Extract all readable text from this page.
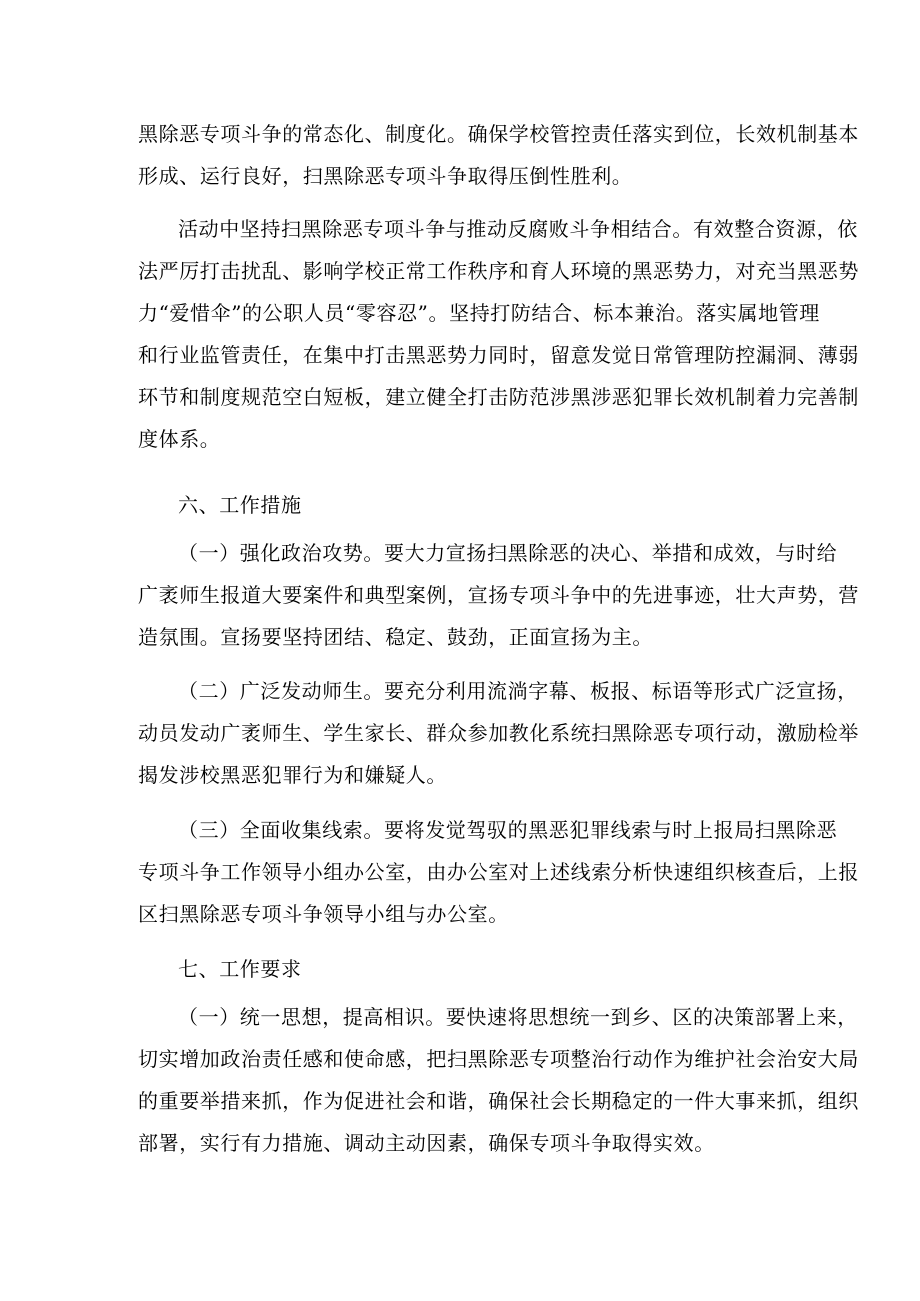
黑除恶专项斗争的常态化、制度化。确保学校管控责任落实到位，长效机制基本
形成、运行良好，扫黑除恶专项斗争取得压倒性胜利。

活动中坚持扫黑除恶专项斗争与推动反腐败斗争相结合。有效整合资源，依
法严厉打击扰乱、影响学校正常工作秩序和育人环境的黑恶势力，对充当黑恶势
力“爱惜伞”的公职人员“零容忍”。坚持打防结合、标本兼治。落实属地管理
和行业监管责任，在集中打击黑恶势力同时，留意发觉日常管理防控漏洞、薄弱
环节和制度规范空白短板，建立健全打击防范涉黑涉恶犯罪长效机制着力完善制
度体系。

六、工作措施

（一）强化政治攻势。要大力宣扬扫黑除恶的决心、举措和成效，与时给
广袤师生报道大要案件和典型案例，宣扬专项斗争中的先进事迹，壮大声势，营
造氛围。宣扬要坚持团结、稳定、鼓劲，正面宣扬为主。

（二）广泛发动师生。要充分利用流淌字幕、板报、标语等形式广泛宣扬，
动员发动广袤师生、学生家长、群众参加教化系统扫黑除恶专项行动，激励检举
揭发涉校黑恶犯罪行为和嫌疑人。

（三）全面收集线索。要将发觉驾驭的黑恶犯罪线索与时上报局扫黑除恶
专项斗争工作领导小组办公室，由办公室对上述线索分析快速组织核查后，上报
区扫黑除恶专项斗争领导小组与办公室。

七、工作要求

（一）统一思想，提高相识。要快速将思想统一到乡、区的决策部署上来，
切实增加政治责任感和使命感，把扫黑除恶专项整治行动作为维护社会治安大局
的重要举措来抓，作为促进社会和谐，确保社会长期稳定的一件大事来抓，组织
部署，实行有力措施、调动主动因素，确保专项斗争取得实效。
